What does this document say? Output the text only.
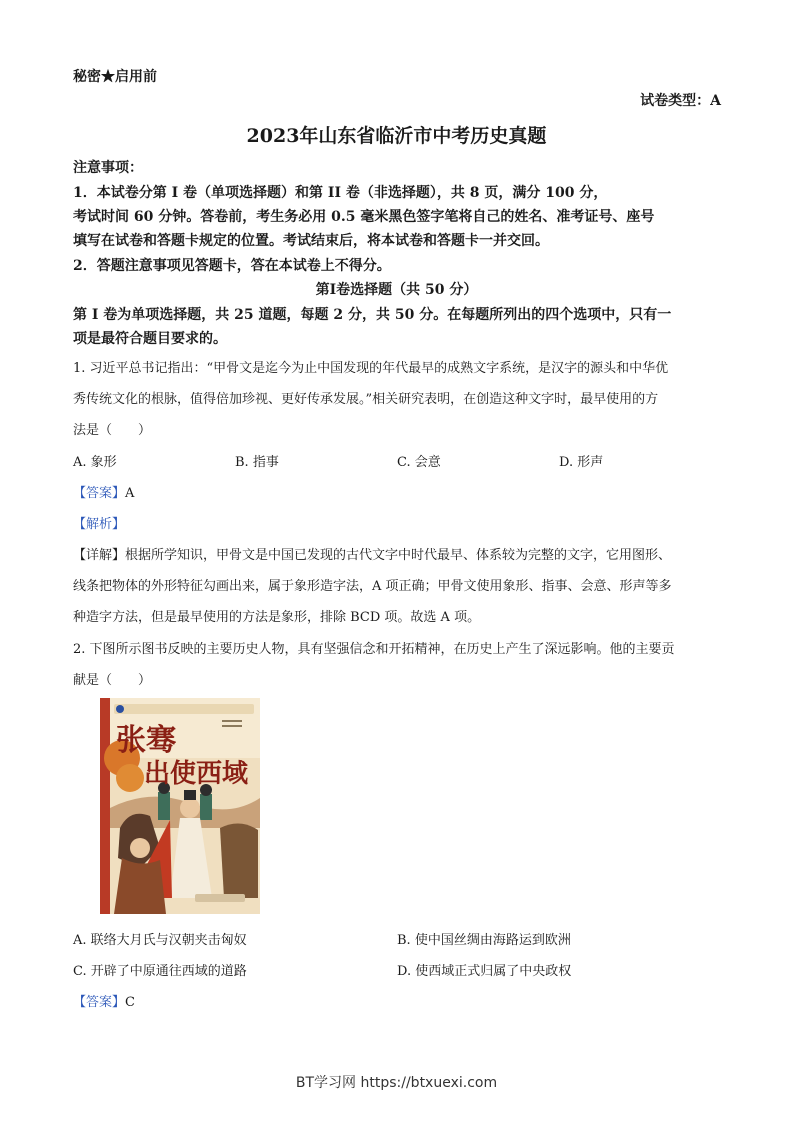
秘密★启用前
试卷类型：A
2023年山东省临沂市中考历史真题
注意事项：
1．本试卷分第 I 卷（单项选择题）和第 II 卷（非选择题），共 8 页，满分 100 分，
考试时间 60 分钟。答卷前，考生务必用 0.5 毫米黑色签字笔将自己的姓名、准考证号、座号
填写在试卷和答题卡规定的位置。考试结束后，将本试卷和答题卡一并交回。
2．答题注意事项见答题卡，答在本试卷上不得分。
第Ⅰ卷选择题（共 50 分）
第 I 卷为单项选择题，共 25 道题，每题 2 分，共 50 分。在每题所列出的四个选项中，只有一
项是最符合题目要求的。
1. 习近平总书记指出：“甲骨文是迄今为止中国发现的年代最早的成熟文字系统，是汉字的源头和中华优
秀传统文化的根脉，值得倍加珍视、更好传承发展。”相关研究表明，在创造这种文字时，最早使用的方
法是（　　）
A. 象形	B. 指事	C. 会意	D. 形声
【答案】A
【解析】
【详解】根据所学知识，甲骨文是中国已发现的古代文字中时代最早、体系较为完整的文字，它用图形、
线条把物体的外形特征勾画出来，属于象形造字法，A 项正确；甲骨文使用象形、指事、会意、形声等多
种造字方法，但是最早使用的方法是象形，排除 BCD 项。故选 A 项。
2. 下图所示图书反映的主要历史人物，具有坚强信念和开拓精神，在历史上产生了深远影响。他的主要贡
献是（　　）
张骞
出使西域
A. 联络大月氏与汉朝夹击匈奴	B. 使中国丝绸由海路运到欧洲
C. 开辟了中原通往西域的道路	D. 使西域正式归属了中央政权
【答案】C
BT学习网 https://btxuexi.com
